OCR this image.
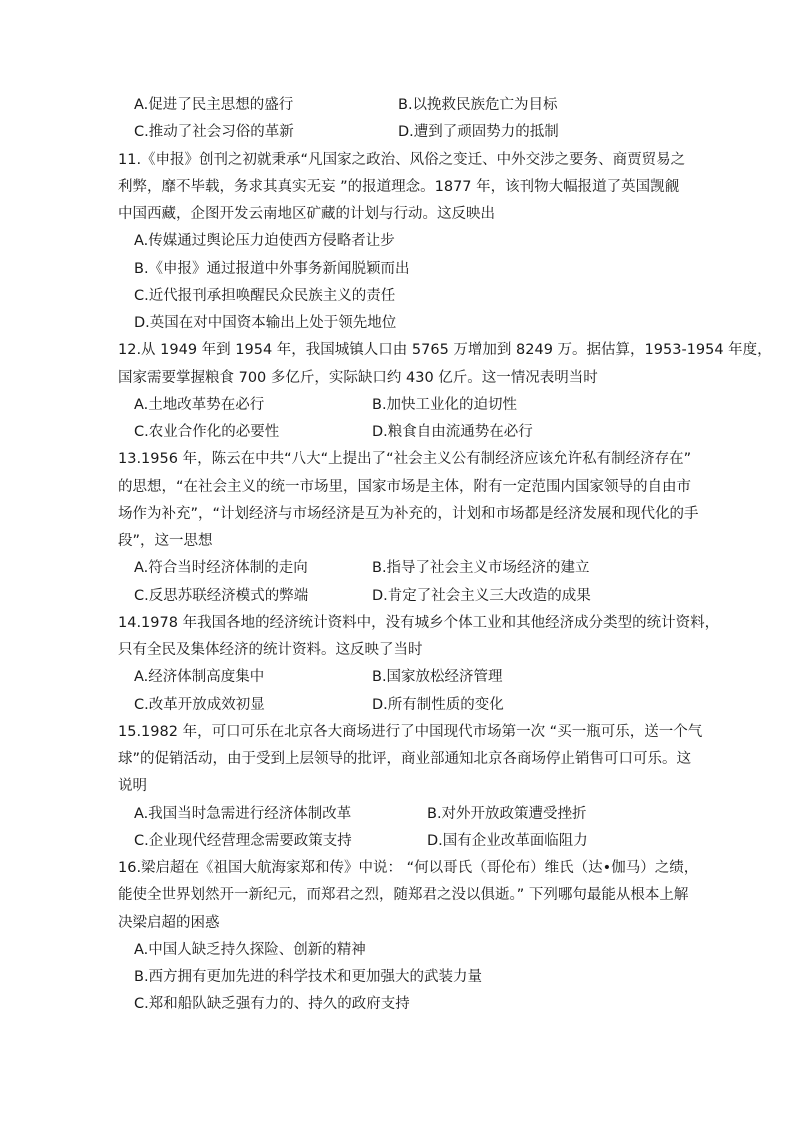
A.促进了民主思想的盛行	B.以挽救民族危亡为目标
C.推动了社会习俗的革新	D.遭到了顽固势力的抵制
11.《申报》创刊之初就秉承“凡国家之政治、风俗之变迁、中外交涉之要务、商贾贸易之
利弊，靡不毕载，务求其真实无妄 ”的报道理念。1877 年，该刊物大幅报道了英国觊觎
中国西藏，企图开发云南地区矿藏的计划与行动。这反映出
A.传媒通过舆论压力迫使西方侵略者让步
B.《申报》通过报道中外事务新闻脱颖而出
C.近代报刊承担唤醒民众民族主义的责任
D.英国在对中国资本输出上处于领先地位
12.从 1949 年到 1954 年，我国城镇人口由 5765 万增加到 8249 万。据估算，1953-1954 年度，
国家需要掌握粮食 700 多亿斤，实际缺口约 430 亿斤。这一情况表明当时
A.土地改革势在必行	B.加快工业化的迫切性
C.农业合作化的必要性	D.粮食自由流通势在必行
13.1956 年，陈云在中共“八大“上提出了“社会主义公有制经济应该允许私有制经济存在”
的思想，“在社会主义的统一市场里，国家市场是主体，附有一定范围内国家领导的自由市
场作为补充”，“计划经济与市场经济是互为补充的，计划和市场都是经济发展和现代化的手
段”，这一思想
A.符合当时经济体制的走向	B.指导了社会主义市场经济的建立
C.反思苏联经济模式的弊端	D.肯定了社会主义三大改造的成果
14.1978 年我国各地的经济统计资料中，没有城乡个体工业和其他经济成分类型的统计资料，
只有全民及集体经济的统计资料。这反映了当时
A.经济体制高度集中	B.国家放松经济管理
C.改革开放成效初显	D.所有制性质的变化
15.1982 年，可口可乐在北京各大商场进行了中国现代市场第一次 “买一瓶可乐，送一个气
球”的促销活动，由于受到上层领导的批评，商业部通知北京各商场停止销售可口可乐。这
说明
A.我国当时急需进行经济体制改革	B.对外开放政策遭受挫折
C.企业现代经营理念需要政策支持	D.国有企业改革面临阻力
16.梁启超在《祖国大航海家郑和传》中说： “何以哥氏（哥伦布）维氏（达•伽马）之绩，
能使全世界划然开一新纪元，而郑君之烈，随郑君之没以俱逝。” 下列哪句最能从根本上解
决梁启超的困惑
A.中国人缺乏持久探险、创新的精神
B.西方拥有更加先进的科学技术和更加强大的武装力量
C.郑和船队缺乏强有力的、持久的政府支持
